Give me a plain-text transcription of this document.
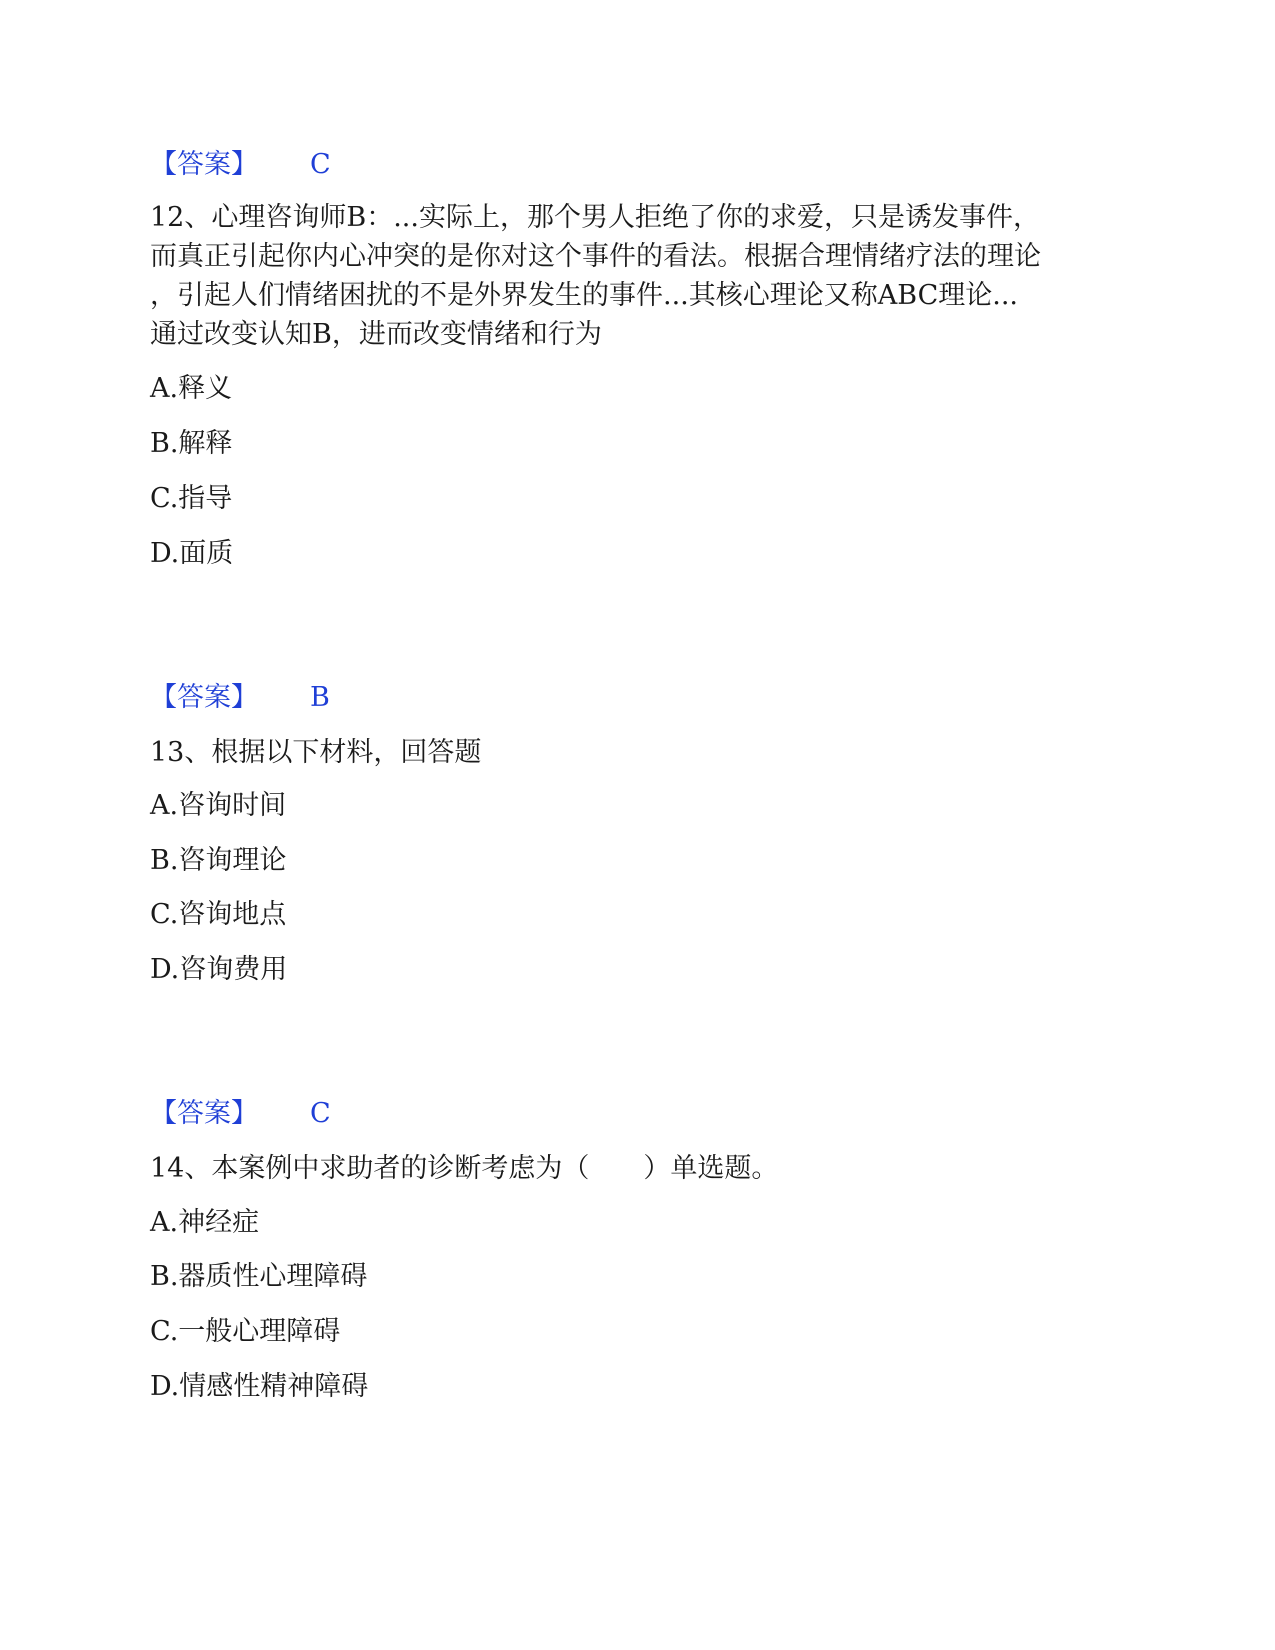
【答案】 C
12、心理咨询师B：...实际上，那个男人拒绝了你的求爱，只是诱发事件，
而真正引起你内心冲突的是你对这个事件的看法。根据合理情绪疗法的理论
，引起人们情绪困扰的不是外界发生的事件...其核心理论又称ABC理论...
通过改变认知B，进而改变情绪和行为
A.释义
B.解释
C.指导
D.面质
【答案】 B
13、根据以下材料，回答题
A.咨询时间
B.咨询理论
C.咨询地点
D.咨询费用
【答案】 C
14、本案例中求助者的诊断考虑为（　　）单选题。
A.神经症
B.器质性心理障碍
C.一般心理障碍
D.情感性精神障碍
